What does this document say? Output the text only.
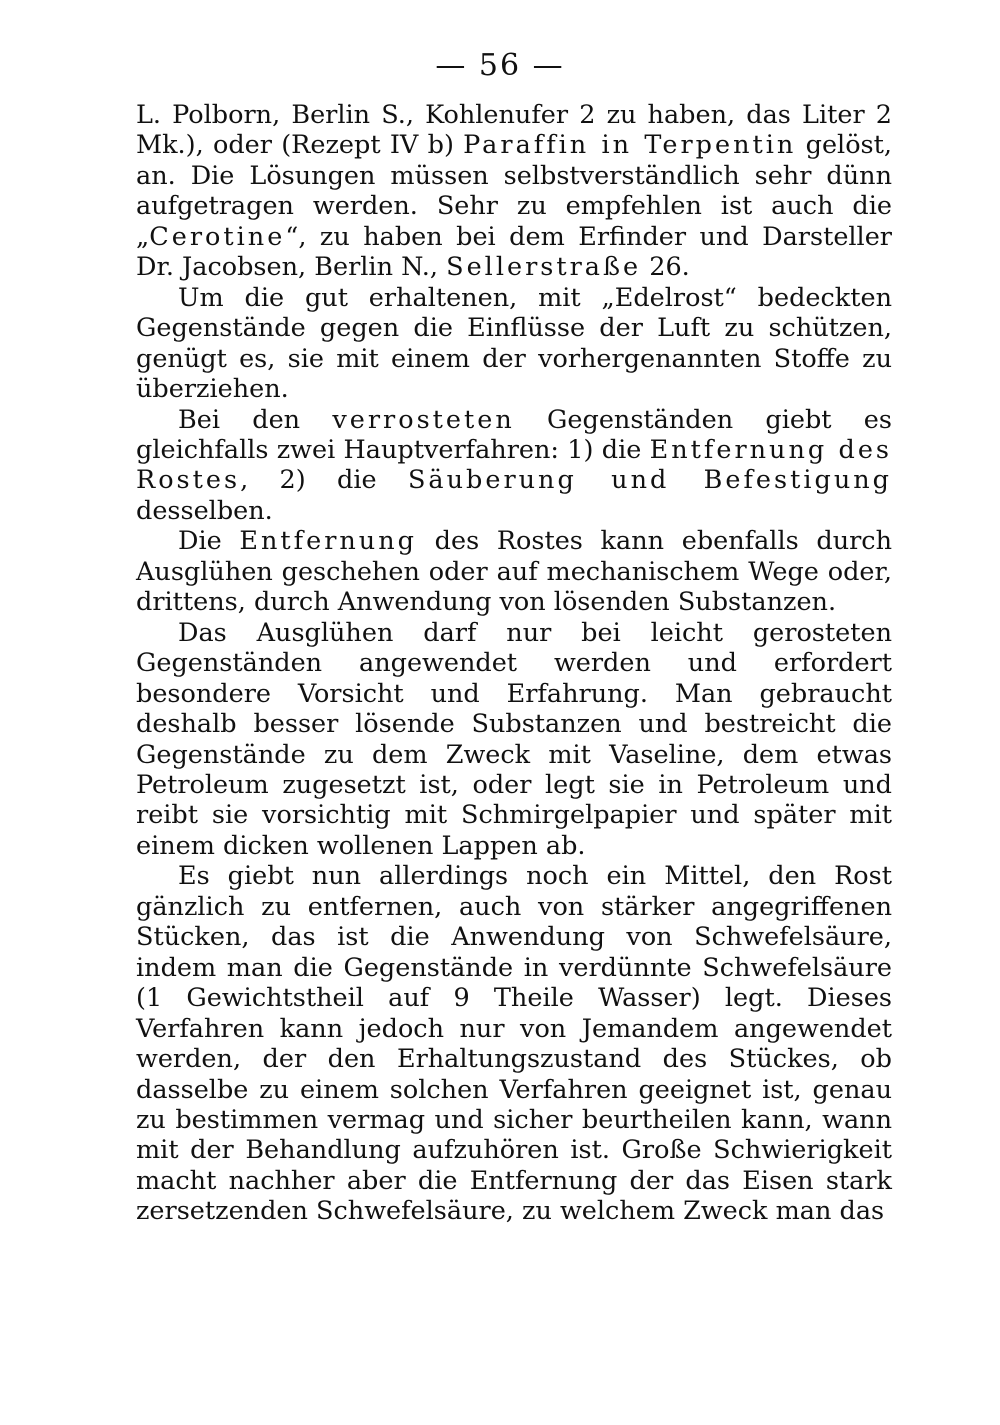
— 56 —

L. Polborn, Berlin S., Kohlenufer 2 zu haben, das Liter 2 Mk.), oder (Rezept IV b) Paraffin in Terpentin gelöst, an. Die Lösungen müssen selbstverständlich sehr dünn aufgetragen werden. Sehr zu empfehlen ist auch die „Cerotine“, zu haben bei dem Erfinder und Darsteller Dr. Jacobsen, Berlin N., Sellerstraße 26.

Um die gut erhaltenen, mit „Edelrost“ bedeckten Gegenstände gegen die Einflüsse der Luft zu schützen, genügt es, sie mit einem der vorhergenannten Stoffe zu überziehen.

Bei den verrosteten Gegenständen giebt es gleichfalls zwei Hauptverfahren: 1) die Entfernung des Rostes, 2) die Säuberung und Befestigung desselben.

Die Entfernung des Rostes kann ebenfalls durch Ausglühen geschehen oder auf mechanischem Wege oder, drittens, durch Anwendung von lösenden Substanzen.

Das Ausglühen darf nur bei leicht gerosteten Gegenständen angewendet werden und erfordert besondere Vorsicht und Erfahrung. Man gebraucht deshalb besser lösende Substanzen und bestreicht die Gegenstände zu dem Zweck mit Vaseline, dem etwas Petroleum zugesetzt ist, oder legt sie in Petroleum und reibt sie vorsichtig mit Schmirgelpapier und später mit einem dicken wollenen Lappen ab.

Es giebt nun allerdings noch ein Mittel, den Rost gänzlich zu entfernen, auch von stärker angegriffenen Stücken, das ist die Anwendung von Schwefelsäure, indem man die Gegenstände in verdünnte Schwefelsäure (1 Gewichtstheil auf 9 Theile Wasser) legt. Dieses Verfahren kann jedoch nur von Jemandem angewendet werden, der den Erhaltungszustand des Stückes, ob dasselbe zu einem solchen Verfahren geeignet ist, genau zu bestimmen vermag und sicher beurtheilen kann, wann mit der Behandlung aufzuhören ist. Große Schwierigkeit macht nachher aber die Entfernung der das Eisen stark zersetzenden Schwefelsäure, zu welchem Zweck man das
